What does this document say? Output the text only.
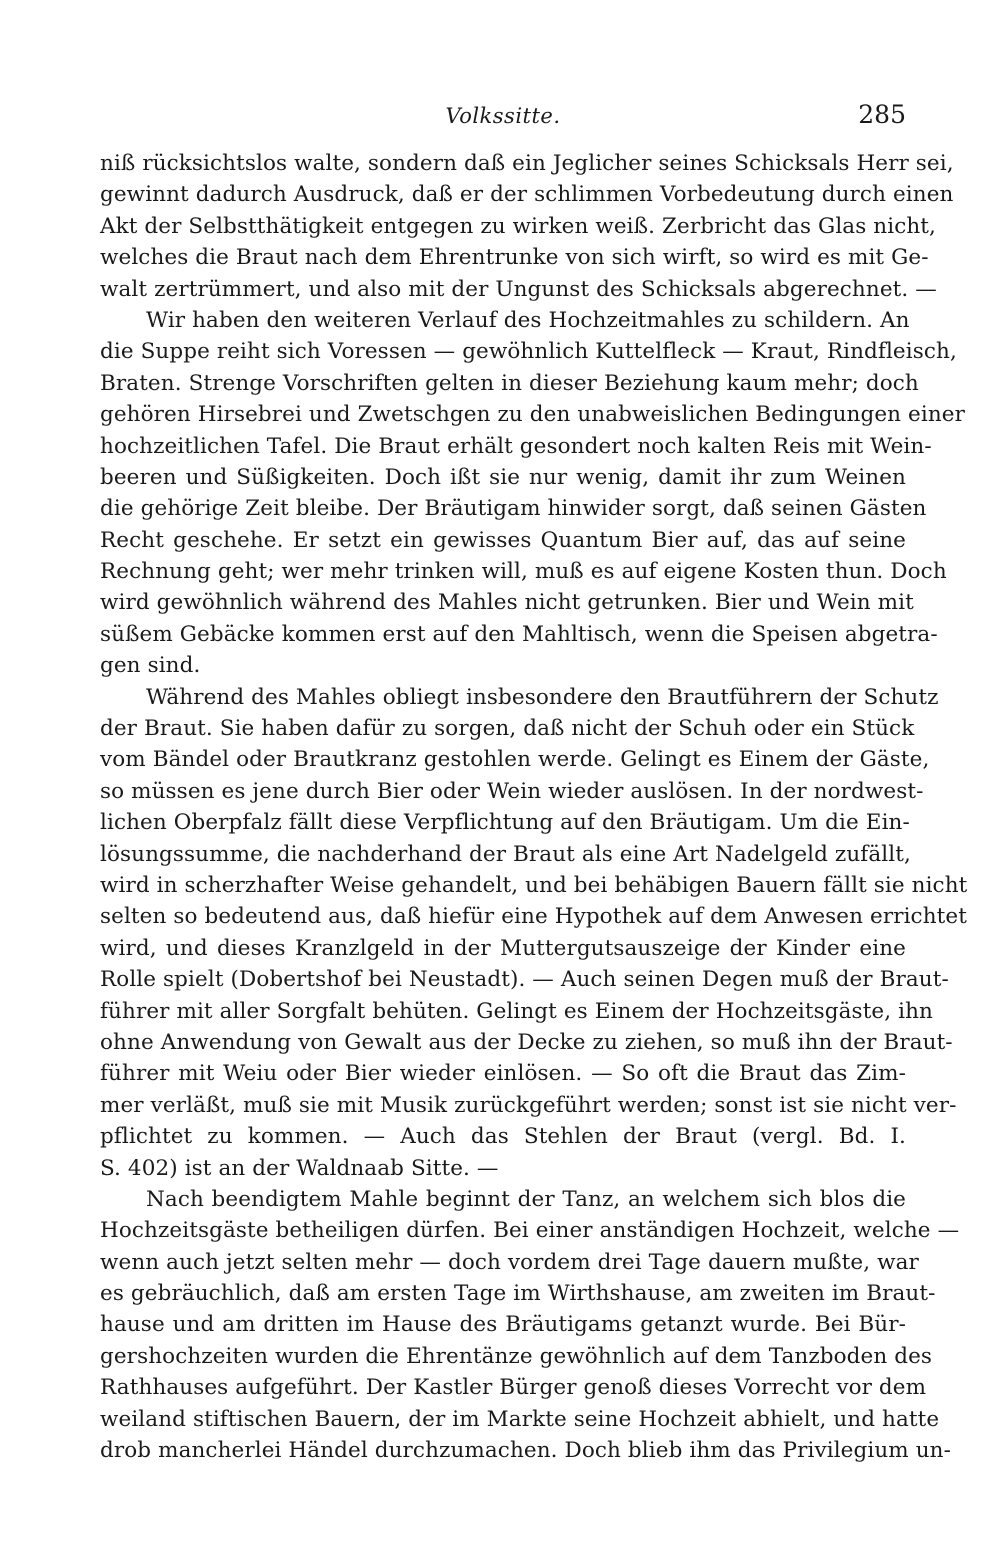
Volkssitte.	285
niß rücksichtslos walte, sondern daß ein Jeglicher seines Schicksals Herr sei,
gewinnt dadurch Ausdruck, daß er der schlimmen Vorbedeutung durch einen
Akt der Selbstthätigkeit entgegen zu wirken weiß. Zerbricht das Glas nicht,
welches die Braut nach dem Ehrentrunke von sich wirft, so wird es mit Ge-
walt zertrümmert, und also mit der Ungunst des Schicksals abgerechnet. —
Wir haben den weiteren Verlauf des Hochzeitmahles zu schildern. An
die Suppe reiht sich Voressen — gewöhnlich Kuttelfleck — Kraut, Rindfleisch,
Braten. Strenge Vorschriften gelten in dieser Beziehung kaum mehr; doch
gehören Hirsebrei und Zwetschgen zu den unabweislichen Bedingungen einer
hochzeitlichen Tafel. Die Braut erhält gesondert noch kalten Reis mit Wein-
beeren und Süßigkeiten. Doch ißt sie nur wenig, damit ihr zum Weinen
die gehörige Zeit bleibe. Der Bräutigam hinwider sorgt, daß seinen Gästen
Recht geschehe. Er setzt ein gewisses Quantum Bier auf, das auf seine
Rechnung geht; wer mehr trinken will, muß es auf eigene Kosten thun. Doch
wird gewöhnlich während des Mahles nicht getrunken. Bier und Wein mit
süßem Gebäcke kommen erst auf den Mahltisch, wenn die Speisen abgetra-
gen sind.
Während des Mahles obliegt insbesondere den Brautführern der Schutz
der Braut. Sie haben dafür zu sorgen, daß nicht der Schuh oder ein Stück
vom Bändel oder Brautkranz gestohlen werde. Gelingt es Einem der Gäste,
so müssen es jene durch Bier oder Wein wieder auslösen. In der nordwest-
lichen Oberpfalz fällt diese Verpflichtung auf den Bräutigam. Um die Ein-
lösungssumme, die nachderhand der Braut als eine Art Nadelgeld zufällt,
wird in scherzhafter Weise gehandelt, und bei behäbigen Bauern fällt sie nicht
selten so bedeutend aus, daß hiefür eine Hypothek auf dem Anwesen errichtet
wird, und dieses Kranzlgeld in der Muttergutsauszeige der Kinder eine
Rolle spielt (Dobertshof bei Neustadt). — Auch seinen Degen muß der Braut-
führer mit aller Sorgfalt behüten. Gelingt es Einem der Hochzeitsgäste, ihn
ohne Anwendung von Gewalt aus der Decke zu ziehen, so muß ihn der Braut-
führer mit Weiu oder Bier wieder einlösen. — So oft die Braut das Zim-
mer verläßt, muß sie mit Musik zurückgeführt werden; sonst ist sie nicht ver-
pflichtet zu kommen. — Auch das Stehlen der Braut (vergl. Bd. I.
S. 402) ist an der Waldnaab Sitte. —
Nach beendigtem Mahle beginnt der Tanz, an welchem sich blos die
Hochzeitsgäste betheiligen dürfen. Bei einer anständigen Hochzeit, welche —
wenn auch jetzt selten mehr — doch vordem drei Tage dauern mußte, war
es gebräuchlich, daß am ersten Tage im Wirthshause, am zweiten im Braut-
hause und am dritten im Hause des Bräutigams getanzt wurde. Bei Bür-
gershochzeiten wurden die Ehrentänze gewöhnlich auf dem Tanzboden des
Rathhauses aufgeführt. Der Kastler Bürger genoß dieses Vorrecht vor dem
weiland stiftischen Bauern, der im Markte seine Hochzeit abhielt, und hatte
drob mancherlei Händel durchzumachen. Doch blieb ihm das Privilegium un-
